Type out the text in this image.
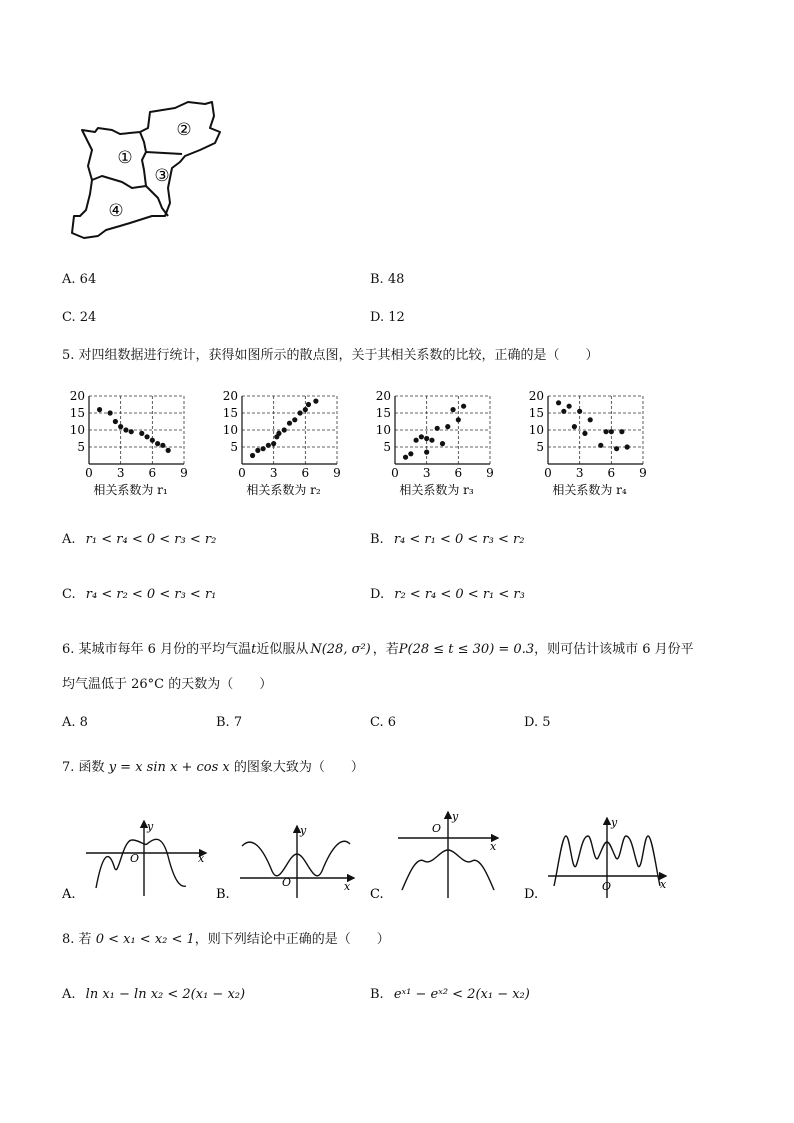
①
②
③
④
A. 64	B. 48
C. 24	D. 12
5. 对四组数据进行统计，获得如图所示的散点图，关于其相关系数的比较，正确的是（　　）
20
15
10
5
0 3 6 9
相关系数为 r₁
20
15
10
5
0 3 6 9
相关系数为 r₂
20
15
10
5
0 3 6 9
相关系数为 r₃
20
15
10
5
0 3 6 9
相关系数为 r₄
A. r₁ < r₄ < 0 < r₃ < r₂	B. r₄ < r₁ < 0 < r₃ < r₂
C. r₄ < r₂ < 0 < r₃ < r₁	D. r₂ < r₄ < 0 < r₁ < r₃
6. 某城市每年 6 月份的平均气温t近似服从 N(28, σ²) ，若P(28 ≤ t ≤ 30) = 0.3，则可估计该城市 6 月份平
均气温低于 26°C 的天数为（　　）
A. 8	B. 7	C. 6	D. 5
7. 函数 y = x sin x + cos x 的图象大致为（　　）
y
x
O
A.
y
x
O
B.
y
x
O
C.
y
x
O
D.
8. 若 0 < x₁ < x₂ < 1，则下列结论中正确的是（　　）
A. ln x₁ − ln x₂ < 2(x₁ − x₂)	B. eˣ¹ − eˣ² < 2(x₁ − x₂)
